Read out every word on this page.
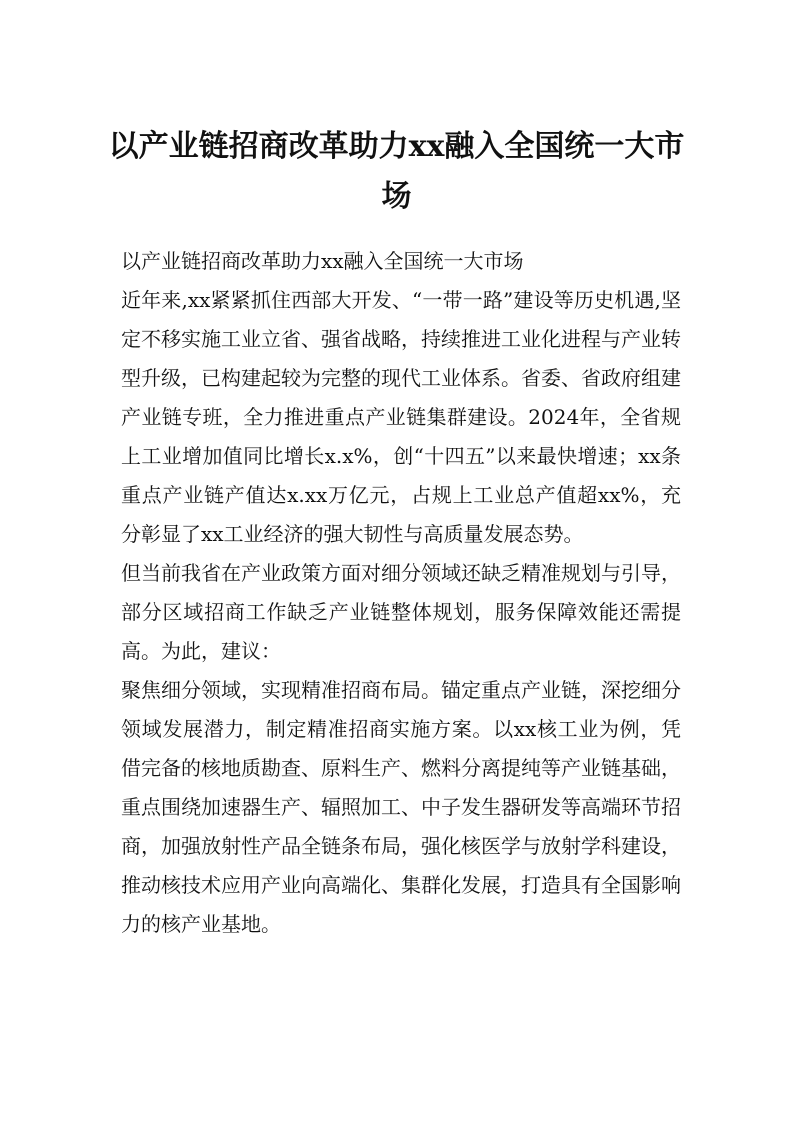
以产业链招商改革助力xx融入全国统一大市场

以产业链招商改革助力xx融入全国统一大市场

近年来,xx紧紧抓住西部大开发、“一带一路”建设等历史机遇,坚定不移实施工业立省、强省战略，持续推进工业化进程与产业转型升级，已构建起较为完整的现代工业体系。省委、省政府组建产业链专班，全力推进重点产业链集群建设。2024年，全省规上工业增加值同比增长x.x%，创“十四五”以来最快增速；xx条重点产业链产值达x.xx万亿元，占规上工业总产值超xx%，充分彰显了xx工业经济的强大韧性与高质量发展态势。

但当前我省在产业政策方面对细分领域还缺乏精准规划与引导，部分区域招商工作缺乏产业链整体规划，服务保障效能还需提高。为此，建议：

聚焦细分领域，实现精准招商布局。锚定重点产业链，深挖细分领域发展潜力，制定精准招商实施方案。以xx核工业为例，凭借完备的核地质勘查、原料生产、燃料分离提纯等产业链基础，重点围绕加速器生产、辐照加工、中子发生器研发等高端环节招商，加强放射性产品全链条布局，强化核医学与放射学科建设，推动核技术应用产业向高端化、集群化发展，打造具有全国影响力的核产业基地。
